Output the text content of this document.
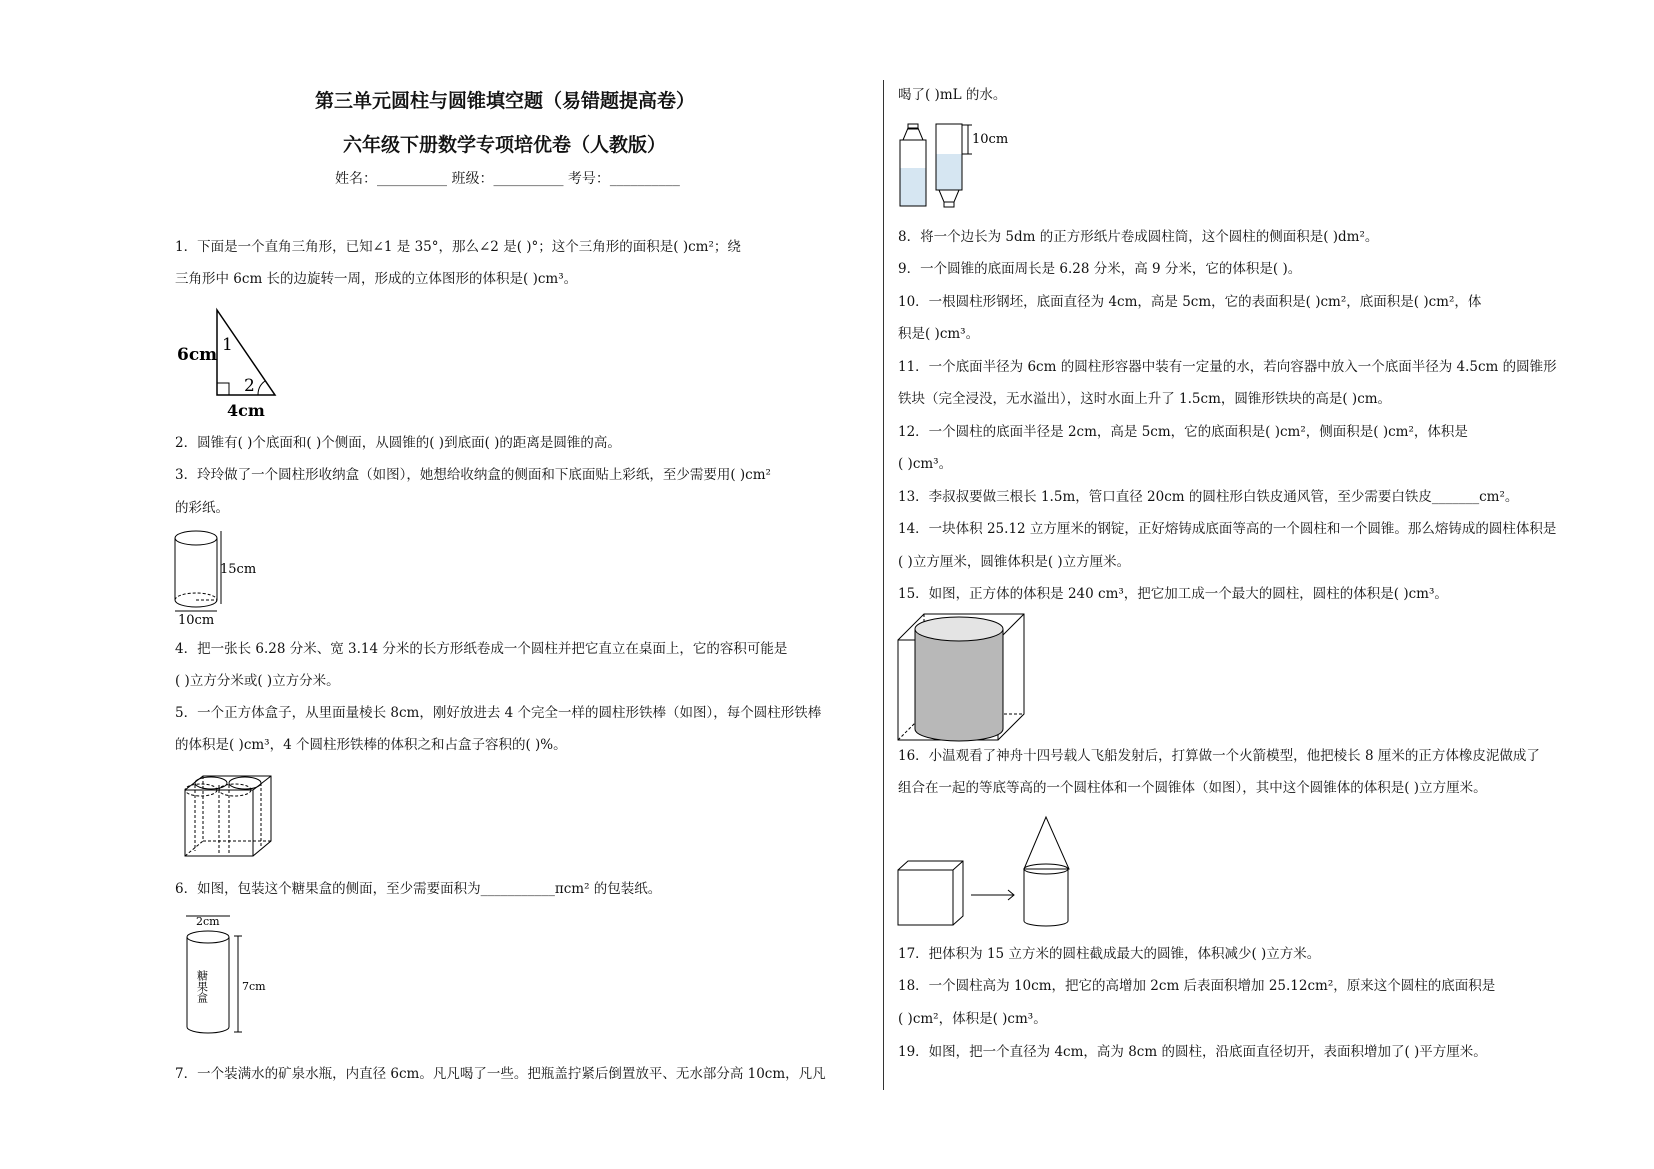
第三单元圆柱与圆锥填空题（易错题提高卷）
六年级下册数学专项培优卷（人教版）
姓名：__________ 班级：__________ 考号：__________
1．下面是一个直角三角形，已知∠1 是 35°，那么∠2 是( )°；这个三角形的面积是( )cm²；绕
三角形中 6cm 长的边旋转一周，形成的立体图形的体积是( )cm³。
6cm 1
2
4cm
2．圆锥有( )个底面和( )个侧面，从圆锥的( )到底面( )的距离是圆锥的高。
3．玲玲做了一个圆柱形收纳盒（如图），她想给收纳盒的侧面和下底面贴上彩纸，至少需要用( )cm²
的彩纸。
15cm
10cm
4．把一张长 6.28 分米、宽 3.14 分米的长方形纸卷成一个圆柱并把它直立在桌面上，它的容积可能是
( )立方分米或( )立方分米。
5．一个正方体盒子，从里面量棱长 8cm，刚好放进去 4 个完全一样的圆柱形铁棒（如图），每个圆柱形铁棒
的体积是( )cm³，4 个圆柱形铁棒的体积之和占盒子容积的( )%。
6．如图，包装这个糖果盒的侧面，至少需要面积为___________πcm² 的包装纸。
2cm
7cm
糖果盒
7．一个装满水的矿泉水瓶，内直径 6cm。凡凡喝了一些。把瓶盖拧紧后倒置放平、无水部分高 10cm，凡凡
喝了( )mL 的水。
10cm
8．将一个边长为 5dm 的正方形纸片卷成圆柱筒，这个圆柱的侧面积是( )dm²。
9．一个圆锥的底面周长是 6.28 分米，高 9 分米，它的体积是( )。
10．一根圆柱形钢坯，底面直径为 4cm，高是 5cm，它的表面积是( )cm²，底面积是( )cm²，体
积是( )cm³。
11．一个底面半径为 6cm 的圆柱形容器中装有一定量的水，若向容器中放入一个底面半径为 4.5cm 的圆锥形
铁块（完全浸没，无水溢出），这时水面上升了 1.5cm，圆锥形铁块的高是( )cm。
12．一个圆柱的底面半径是 2cm，高是 5cm，它的底面积是( )cm²，侧面积是( )cm²，体积是
( )cm³。
13．李叔叔要做三根长 1.5m，管口直径 20cm 的圆柱形白铁皮通风管，至少需要白铁皮_______cm²。
14．一块体积 25.12 立方厘米的钢锭，正好熔铸成底面等高的一个圆柱和一个圆锥。那么熔铸成的圆柱体积是
( )立方厘米，圆锥体积是( )立方厘米。
15．如图，正方体的体积是 240 cm³，把它加工成一个最大的圆柱，圆柱的体积是( )cm³。
16．小温观看了神舟十四号载人飞船发射后，打算做一个火箭模型，他把棱长 8 厘米的正方体橡皮泥做成了
组合在一起的等底等高的一个圆柱体和一个圆锥体（如图），其中这个圆锥体的体积是( )立方厘米。
17．把体积为 15 立方米的圆柱截成最大的圆锥，体积减少( )立方米。
18．一个圆柱高为 10cm，把它的高增加 2cm 后表面积增加 25.12cm²，原来这个圆柱的底面积是
( )cm²，体积是( )cm³。
19．如图，把一个直径为 4cm，高为 8cm 的圆柱，沿底面直径切开，表面积增加了( )平方厘米。
